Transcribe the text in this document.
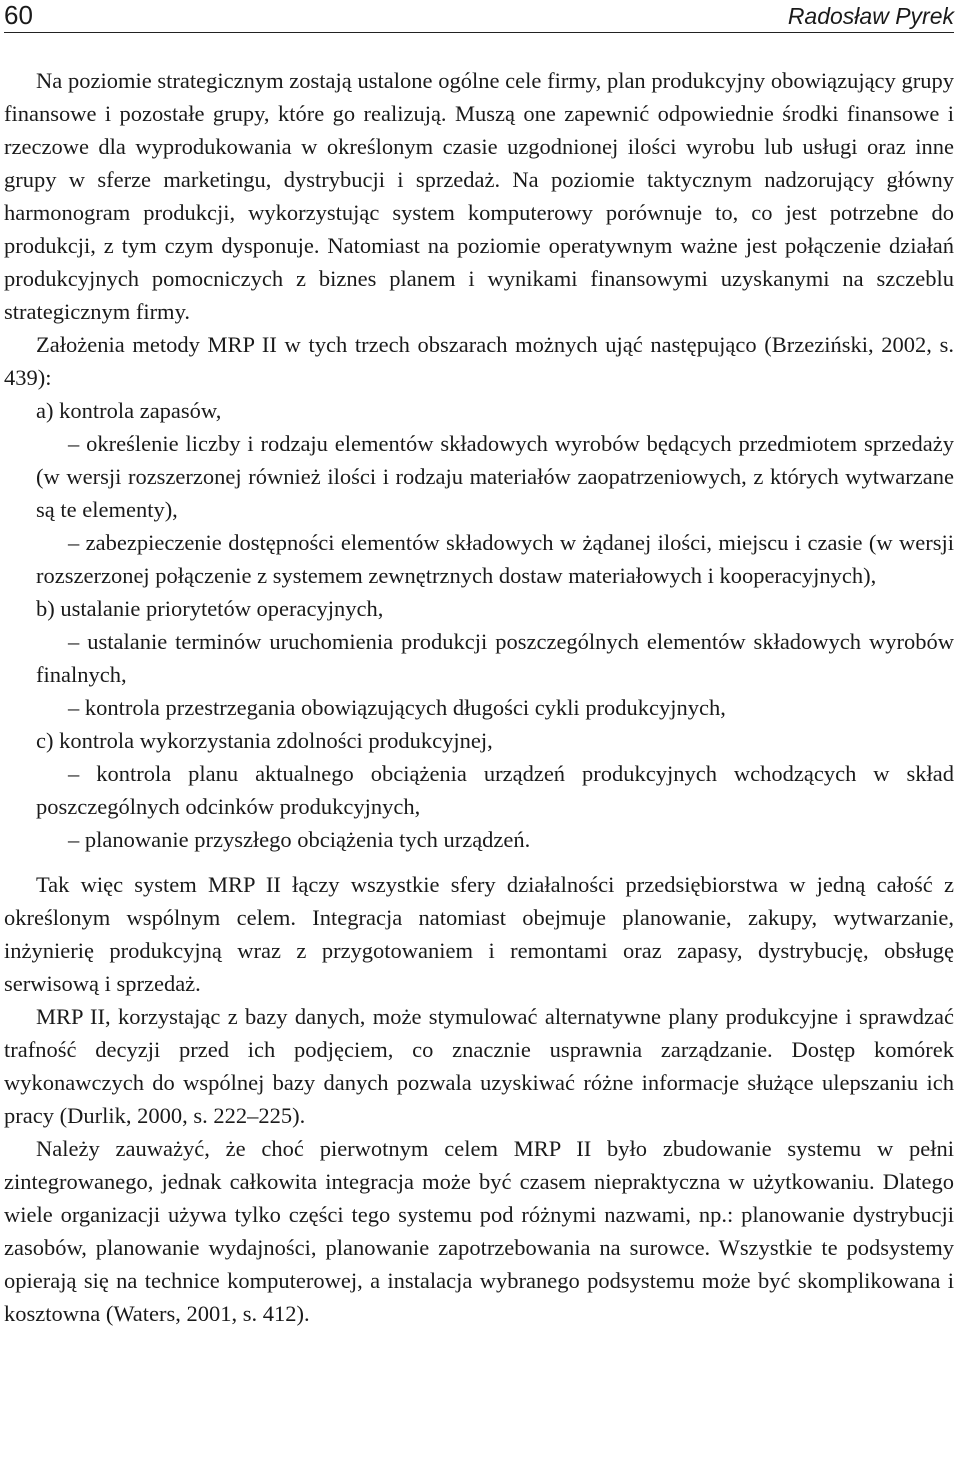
60	Radosław Pyrek

Na poziomie strategicznym zostają ustalone ogólne cele firmy, plan produkcyjny obowiązujący grupy finansowe i pozostałe grupy, które go realizują. Muszą one zapewnić odpowiednie środki finansowe i rzeczowe dla wyprodukowania w określonym czasie uzgodnionej ilości wyrobu lub usługi oraz inne grupy w sferze marketingu, dystrybucji i sprzedaż. Na poziomie taktycznym nadzorujący główny harmonogram produkcji, wykorzystując system komputerowy porównuje to, co jest potrzebne do produkcji, z tym czym dysponuje. Natomiast na poziomie operatywnym ważne jest połączenie działań produkcyjnych pomocniczych z biznes planem i wynikami finansowymi uzyskanymi na szczeblu strategicznym firmy.

Założenia metody MRP II w tych trzech obszarach możnych ująć następująco (Brzeziński, 2002, s. 439):

a) kontrola zapasów,

– określenie liczby i rodzaju elementów składowych wyrobów będących przedmiotem sprzedaży (w wersji rozszerzonej również ilości i rodzaju materiałów zaopatrzeniowych, z których wytwarzane są te elementy),

– zabezpieczenie dostępności elementów składowych w żądanej ilości, miejscu i czasie (w wersji rozszerzonej połączenie z systemem zewnętrznych dostaw materiałowych i kooperacyjnych),

b) ustalanie priorytetów operacyjnych,

– ustalanie terminów uruchomienia produkcji poszczególnych elementów składowych wyrobów finalnych,

– kontrola przestrzegania obowiązujących długości cykli produkcyjnych,

c) kontrola wykorzystania zdolności produkcyjnej,

– kontrola planu aktualnego obciążenia urządzeń produkcyjnych wchodzących w skład poszczególnych odcinków produkcyjnych,

– planowanie przyszłego obciążenia tych urządzeń.

Tak więc system MRP II łączy wszystkie sfery działalności przedsiębiorstwa w jedną całość z określonym wspólnym celem. Integracja natomiast obejmuje planowanie, zakupy, wytwarzanie, inżynierię produkcyjną wraz z przygotowaniem i remontami oraz zapasy, dystrybucję, obsługę serwisową i sprzedaż.

MRP II, korzystając z bazy danych, może stymulować alternatywne plany produkcyjne i sprawdzać trafność decyzji przed ich podjęciem, co znacznie usprawnia zarządzanie. Dostęp komórek wykonawczych do wspólnej bazy danych pozwala uzyskiwać różne informacje służące ulepszaniu ich pracy (Durlik, 2000, s. 222–225).

Należy zauważyć, że choć pierwotnym celem MRP II było zbudowanie systemu w pełni zintegrowanego, jednak całkowita integracja może być czasem niepraktyczna w użytkowaniu. Dlatego wiele organizacji używa tylko części tego systemu pod różnymi nazwami, np.: planowanie dystrybucji zasobów, planowanie wydajności, planowanie zapotrzebowania na surowce. Wszystkie te podsystemy opierają się na technice komputerowej, a instalacja wybranego podsystemu może być skomplikowana i kosztowna (Waters, 2001, s. 412).
